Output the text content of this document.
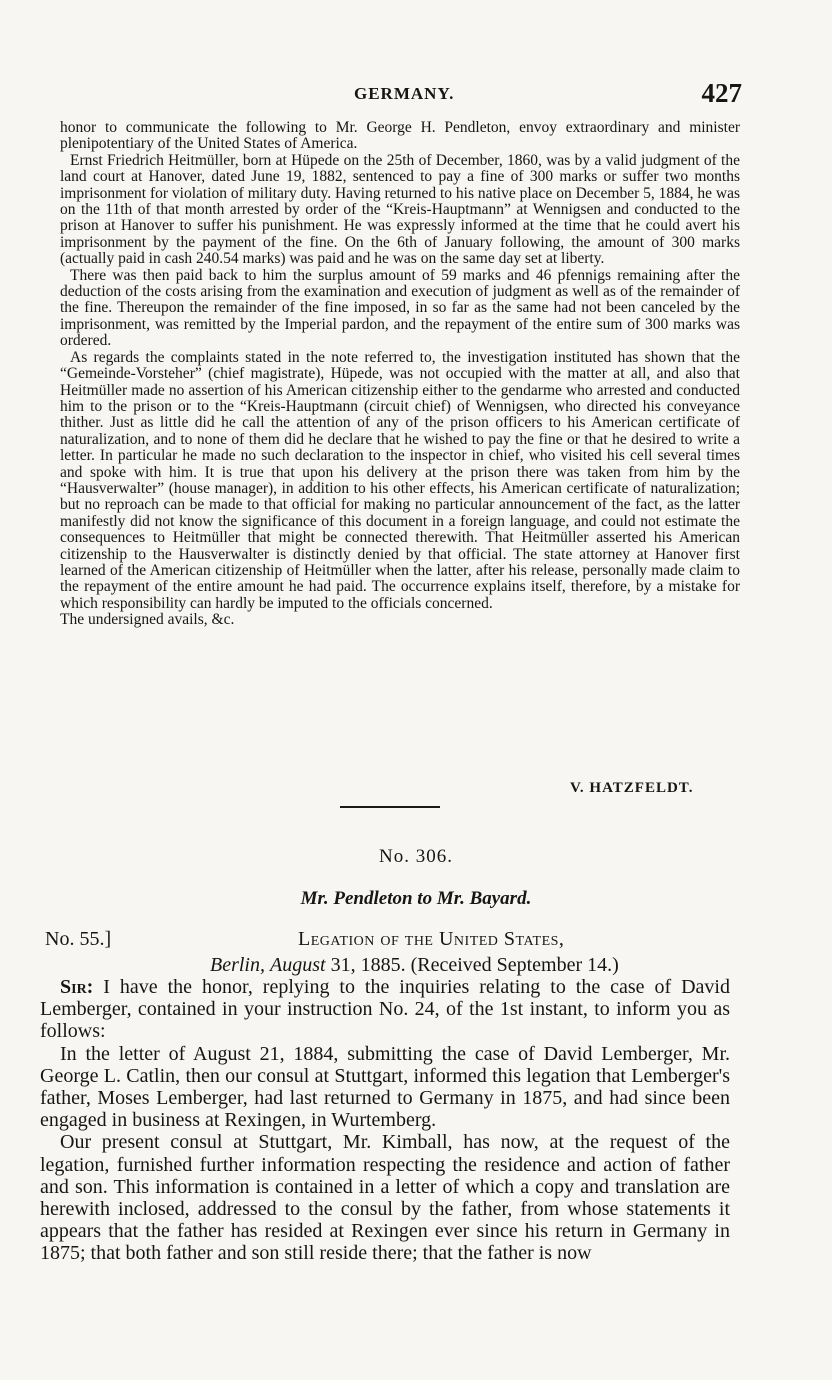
GERMANY.	427

honor to communicate the following to Mr. George H. Pendleton, envoy extraordinary and minister plenipotentiary of the United States of America.

Ernst Friedrich Heitmüller, born at Hüpede on the 25th of December, 1860, was by a valid judgment of the land court at Hanover, dated June 19, 1882, sentenced to pay a fine of 300 marks or suffer two months imprisonment for violation of military duty. Having returned to his native place on December 5, 1884, he was on the 11th of that month arrested by order of the “Kreis-Hauptmann” at Wennigsen and conducted to the prison at Hanover to suffer his punishment. He was expressly informed at the time that he could avert his imprisonment by the payment of the fine. On the 6th of January following, the amount of 300 marks (actually paid in cash 240.54 marks) was paid and he was on the same day set at liberty.

There was then paid back to him the surplus amount of 59 marks and 46 pfennigs remaining after the deduction of the costs arising from the examination and execution of judgment as well as of the remainder of the fine. Thereupon the remainder of the fine imposed, in so far as the same had not been canceled by the imprisonment, was remitted by the Imperial pardon, and the repayment of the entire sum of 300 marks was ordered.

As regards the complaints stated in the note referred to, the investigation instituted has shown that the “Gemeinde-Vorsteher” (chief magistrate), Hüpede, was not occupied with the matter at all, and also that Heitmüller made no assertion of his American citizenship either to the gendarme who arrested and conducted him to the prison or to the “Kreis-Hauptmann (circuit chief) of Wennigsen, who directed his conveyance thither. Just as little did he call the attention of any of the prison officers to his American certificate of naturalization, and to none of them did he declare that he wished to pay the fine or that he desired to write a letter. In particular he made no such declaration to the inspector in chief, who visited his cell several times and spoke with him. It is true that upon his delivery at the prison there was taken from him by the “Hausverwalter” (house manager), in addition to his other effects, his American certificate of naturalization; but no reproach can be made to that official for making no particular announcement of the fact, as the latter manifestly did not know the significance of this document in a foreign language, and could not estimate the consequences to Heitmüller that might be connected therewith. That Heitmüller asserted his American citizenship to the Hausverwalter is distinctly denied by that official. The state attorney at Hanover first learned of the American citizenship of Heitmüller when the latter, after his release, personally made claim to the repayment of the entire amount he had paid. The occurrence explains itself, therefore, by a mistake for which responsibility can hardly be imputed to the officials concerned.

The undersigned avails, &c.

V. HATZFELDT.
No. 306.
Mr. Pendleton to Mr. Bayard.
No. 55.]	Legation of the United States,
Berlin, August 31, 1885. (Received September 14.)

Sir: I have the honor, replying to the inquiries relating to the case of David Lemberger, contained in your instruction No. 24, of the 1st instant, to inform you as follows:

In the letter of August 21, 1884, submitting the case of David Lemberger, Mr. George L. Catlin, then our consul at Stuttgart, informed this legation that Lemberger's father, Moses Lemberger, had last returned to Germany in 1875, and had since been engaged in business at Rexingen, in Wurtemberg.

Our present consul at Stuttgart, Mr. Kimball, has now, at the request of the legation, furnished further information respecting the residence and action of father and son. This information is contained in a letter of which a copy and translation are herewith inclosed, addressed to the consul by the father, from whose statements it appears that the father has resided at Rexingen ever since his return in Germany in 1875; that both father and son still reside there; that the father is now
